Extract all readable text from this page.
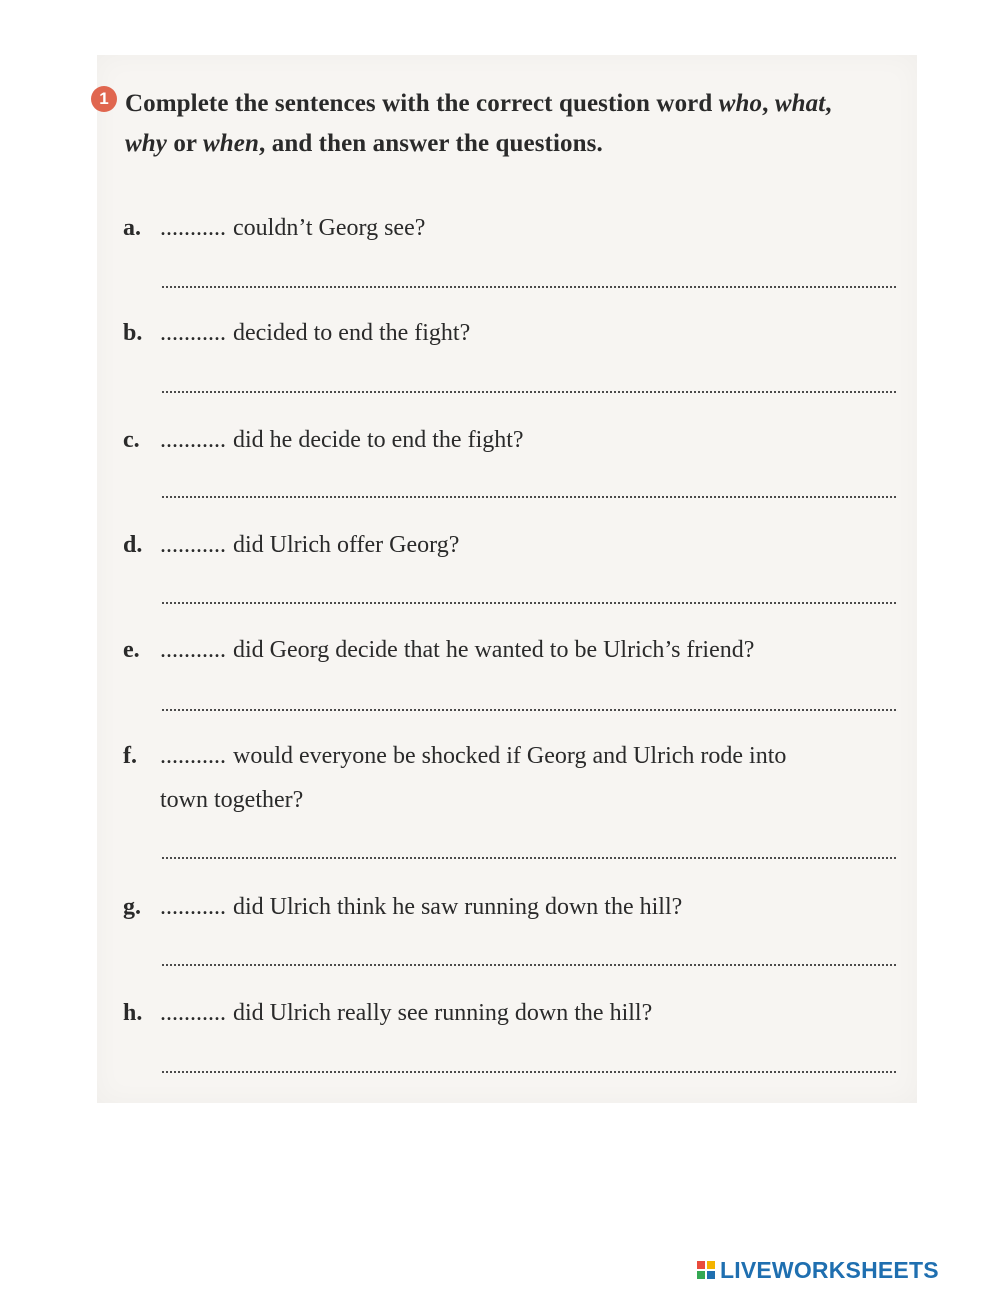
1 Complete the sentences with the correct question word who, what,
why or when, and then answer the questions.
a. ........... couldn’t Georg see?
b. ........... decided to end the fight?
c. ........... did he decide to end the fight?
d. ........... did Ulrich offer Georg?
e. ........... did Georg decide that he wanted to be Ulrich’s friend?
f. ........... would everyone be shocked if Georg and Ulrich rode into
town together?
g. ........... did Ulrich think he saw running down the hill?
h. ........... did Ulrich really see running down the hill?
LIVEWORKSHEETS
